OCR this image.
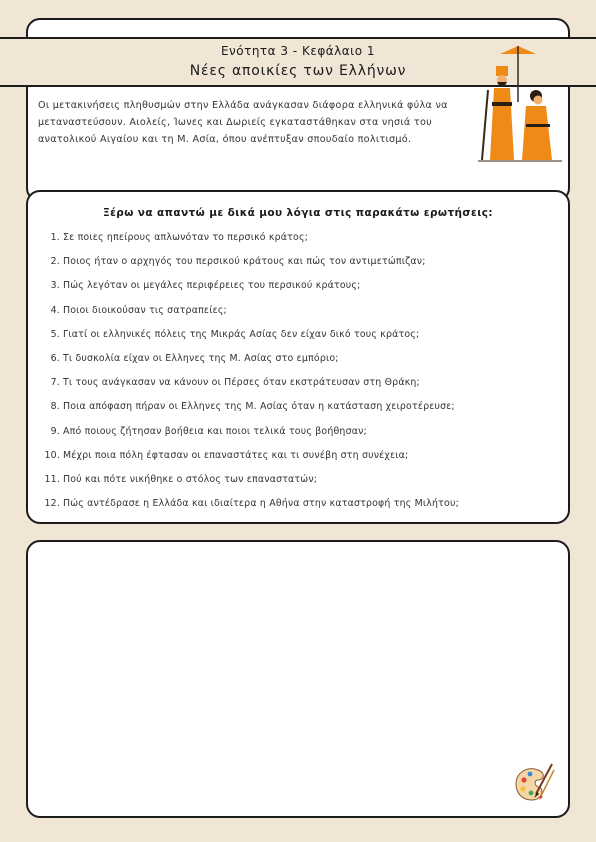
Ενότητα 3 - Κεφάλαιο 1
Νέες αποικίες των Ελλήνων
Οι μετακινήσεις πληθυσμών στην Ελλάδα ανάγκασαν διάφορα ελληνικά φύλα να μεταναστεύσουν. Αιολείς, Ίωνες και Δωριείς εγκαταστάθηκαν στα νησιά του ανατολικού Αιγαίου και τη Μ. Ασία, όπου ανέπτυξαν σπουδαίο πολιτισμό.
Ξέρω να απαντώ με δικά μου λόγια στις παρακάτω ερωτήσεις:
1. Σε ποιες ηπείρους απλωνόταν το περσικό κράτος;
2. Ποιος ήταν ο αρχηγός του περσικού κράτους και πώς τον αντιμετώπιζαν;
3. Πώς λεγόταν οι μεγάλες περιφέρειες του περσικού κράτους;
4. Ποιοι διοικούσαν τις σατραπείες;
5. Γιατί οι ελληνικές πόλεις της Μικράς Ασίας δεν είχαν δικό τους κράτος;
6. Τι δυσκολία είχαν οι Ελληνες της Μ. Ασίας στο εμπόριο;
7. Τι τους ανάγκασαν να κάνουν οι Πέρσες όταν εκστράτευσαν στη Θράκη;
8. Ποια απόφαση πήραν οι Ελληνες της Μ. Ασίας όταν η κατάσταση χειροτέρευσε;
9. Από ποιους ζήτησαν βοήθεια και ποιοι τελικά τους βοήθησαν;
10. Μέχρι ποια πόλη έφτασαν οι επαναστάτες και τι συνέβη στη συνέχεια;
11. Πού και πότε νικήθηκε ο στόλος των επαναστατών;
12. Πώς αντέδρασε η Ελλάδα και ιδιαίτερα η Αθήνα στην καταστροφή της Μιλήτου;
